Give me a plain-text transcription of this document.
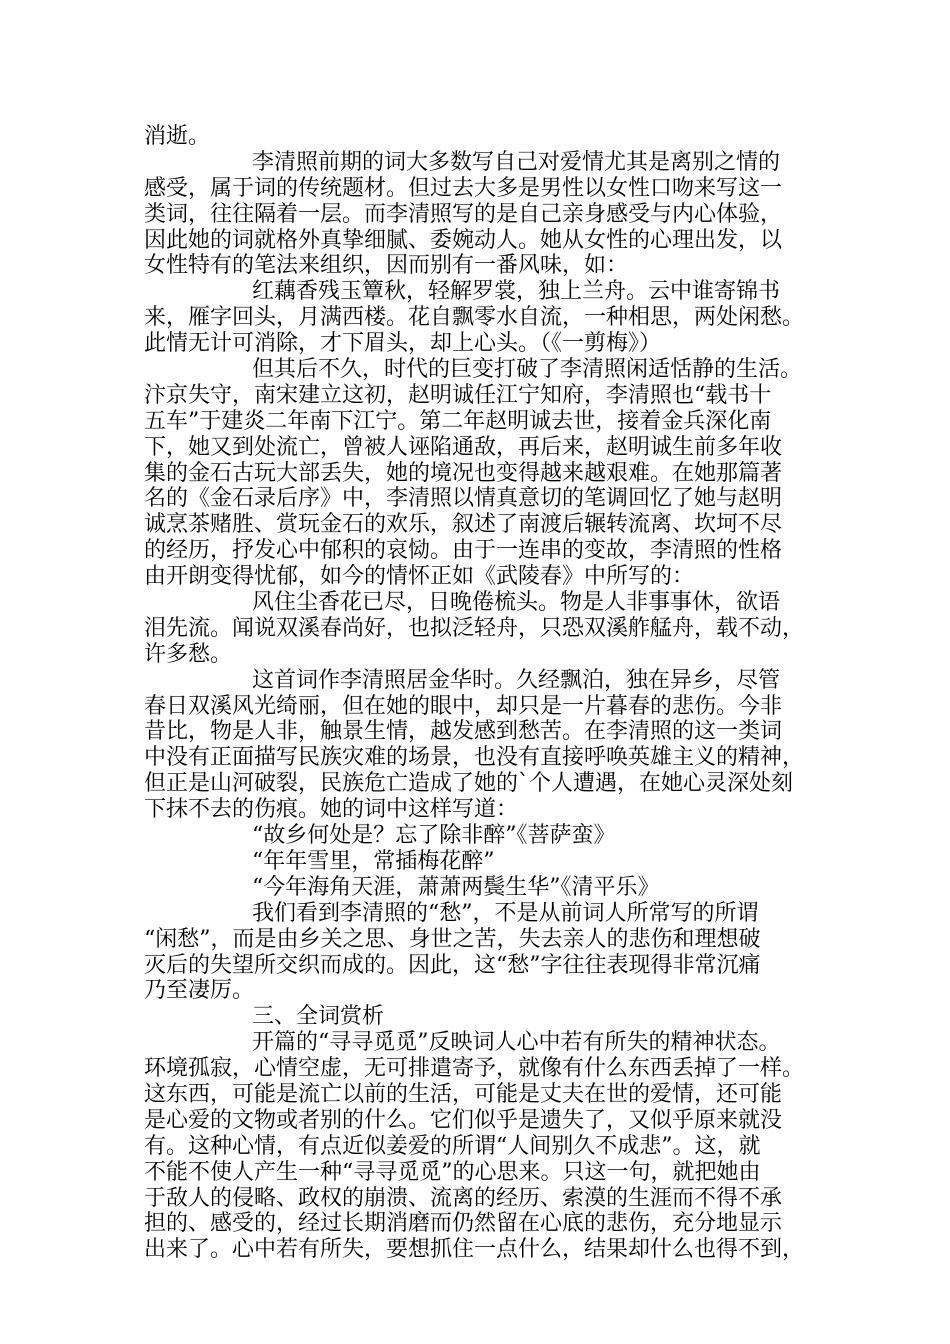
消逝。
李清照前期的词大多数写自己对爱情尤其是离别之情的
感受，属于词的传统题材。但过去大多是男性以女性口吻来写这一
类词，往往隔着一层。而李清照写的是自己亲身感受与内心体验，
因此她的词就格外真挚细腻、委婉动人。她从女性的心理出发，以
女性特有的笔法来组织，因而别有一番风味，如：
红藕香残玉簟秋，轻解罗裳，独上兰舟。云中谁寄锦书
来，雁字回头，月满西楼。花自飘零水自流，一种相思，两处闲愁。
此情无计可消除，才下眉头，却上心头。（《一剪梅》）
但其后不久，时代的巨变打破了李清照闲适恬静的生活。
汴京失守，南宋建立这初，赵明诚任江宁知府，李清照也“载书十
五车”于建炎二年南下江宁。第二年赵明诚去世，接着金兵深化南
下，她又到处流亡，曾被人诬陷通敌，再后来，赵明诚生前多年收
集的金石古玩大部丢失，她的境况也变得越来越艰难。在她那篇著
名的《金石录后序》中，李清照以情真意切的笔调回忆了她与赵明
诚烹茶赌胜、赏玩金石的欢乐，叙述了南渡后辗转流离、坎坷不尽
的经历，抒发心中郁积的哀恸。由于一连串的变故，李清照的性格
由开朗变得忧郁，如今的情怀正如《武陵春》中所写的：
风住尘香花已尽，日晚倦梳头。物是人非事事休，欲语
泪先流。闻说双溪春尚好，也拟泛轻舟，只恐双溪舴艋舟，载不动，
许多愁。
这首词作李清照居金华时。久经飘泊，独在异乡，尽管
春日双溪风光绮丽，但在她的眼中，却只是一片暮春的悲伤。今非
昔比，物是人非，触景生情，越发感到愁苦。在李清照的这一类词
中没有正面描写民族灾难的场景，也没有直接呼唤英雄主义的精神，
但正是山河破裂，民族危亡造成了她的`个人遭遇，在她心灵深处刻
下抹不去的伤痕。她的词中这样写道：
“故乡何处是？忘了除非醉”《菩萨蛮》
“年年雪里，常插梅花醉”
“今年海角天涯，萧萧两鬓生华”《清平乐》
我们看到李清照的“愁”，不是从前词人所常写的所谓
“闲愁”，而是由乡关之思、身世之苦，失去亲人的悲伤和理想破
灭后的失望所交织而成的。因此，这“愁”字往往表现得非常沉痛
乃至凄厉。
三、全词赏析
开篇的“寻寻觅觅”反映词人心中若有所失的精神状态。
环境孤寂，心情空虚，无可排遣寄予，就像有什么东西丢掉了一样。
这东西，可能是流亡以前的生活，可能是丈夫在世的爱情，还可能
是心爱的文物或者别的什么。它们似乎是遗失了，又似乎原来就没
有。这种心情，有点近似姜爱的所谓“人间别久不成悲”。这，就
不能不使人产生一种“寻寻觅觅”的心思来。只这一句，就把她由
于敌人的侵略、政权的崩溃、流离的经历、索漠的生涯而不得不承
担的、感受的，经过长期消磨而仍然留在心底的悲伤，充分地显示
出来了。心中若有所失，要想抓住一点什么，结果却什么也得不到，
